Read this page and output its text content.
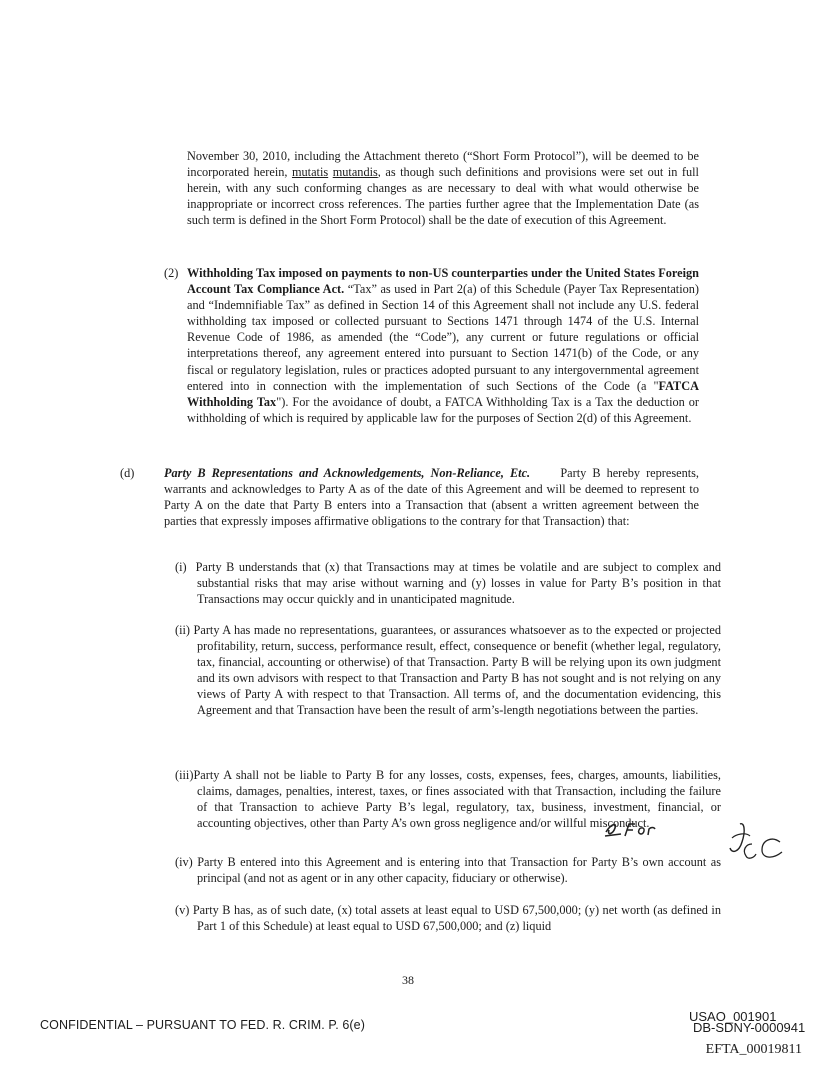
November 30, 2010, including the Attachment thereto (“Short Form Protocol”), will be deemed to be incorporated herein, mutatis mutandis, as though such definitions and provisions were set out in full herein, with any such conforming changes as are necessary to deal with what would otherwise be inappropriate or incorrect cross references. The parties further agree that the Implementation Date (as such term is defined in the Short Form Protocol) shall be the date of execution of this Agreement.

(2) Withholding Tax imposed on payments to non-US counterparties under the United States Foreign Account Tax Compliance Act. “Tax” as used in Part 2(a) of this Schedule (Payer Tax Representation) and “Indemnifiable Tax” as defined in Section 14 of this Agreement shall not include any U.S. federal withholding tax imposed or collected pursuant to Sections 1471 through 1474 of the U.S. Internal Revenue Code of 1986, as amended (the “Code”), any current or future regulations or official interpretations thereof, any agreement entered into pursuant to Section 1471(b) of the Code, or any fiscal or regulatory legislation, rules or practices adopted pursuant to any intergovernmental agreement entered into in connection with the implementation of such Sections of the Code (a "FATCA Withholding Tax"). For the avoidance of doubt, a FATCA Withholding Tax is a Tax the deduction or withholding of which is required by applicable law for the purposes of Section 2(d) of this Agreement.

(d) Party B Representations and Acknowledgements, Non-Reliance, Etc. Party B hereby represents, warrants and acknowledges to Party A as of the date of this Agreement and will be deemed to represent to Party A on the date that Party B enters into a Transaction that (absent a written agreement between the parties that expressly imposes affirmative obligations to the contrary for that Transaction) that:

(i) Party B understands that (x) that Transactions may at times be volatile and are subject to complex and substantial risks that may arise without warning and (y) losses in value for Party B’s position in that Transactions may occur quickly and in unanticipated magnitude.

(ii) Party A has made no representations, guarantees, or assurances whatsoever as to the expected or projected profitability, return, success, performance result, effect, consequence or benefit (whether legal, regulatory, tax, financial, accounting or otherwise) of that Transaction. Party B will be relying upon its own judgment and its own advisors with respect to that Transaction and Party B has not sought and is not relying on any views of Party A with respect to that Transaction. All terms of, and the documentation evidencing, this Agreement and that Transaction have been the result of arm’s-length negotiations between the parties.

(iii)Party A shall not be liable to Party B for any losses, costs, expenses, fees, charges, amounts, liabilities, claims, damages, penalties, interest, taxes, or fines associated with that Transaction, including the failure of that Transaction to achieve Party B’s legal, regulatory, tax, business, investment, financial, or accounting objectives, other than Party A’s own gross negligence and/or willful misconduct.

(iv) Party B entered into this Agreement and is entering into that Transaction for Party B’s own account as principal (and not as agent or in any other capacity, fiduciary or otherwise).

(v) Party B has, as of such date, (x) total assets at least equal to USD 67,500,000; (y) net worth (as defined in Part 1 of this Schedule) at least equal to USD 67,500,000; and (z) liquid

38
CONFIDENTIAL – PURSUANT TO FED. R. CRIM. P. 6(e)
USAO_001901
DB-SDNY-0000941
EFTA_00019811
